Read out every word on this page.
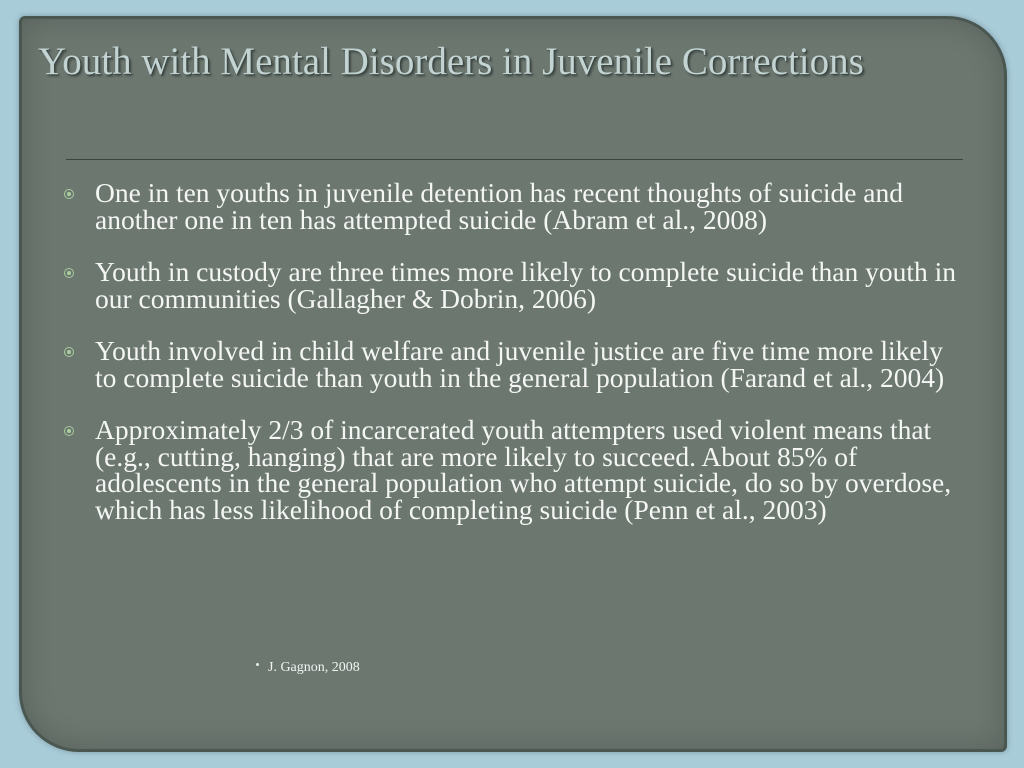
Youth with Mental Disorders in Juvenile Corrections
One in ten youths in juvenile detention has recent thoughts of suicide and another one in ten has attempted suicide (Abram et al., 2008)
Youth in custody are three times more likely to complete suicide than youth in our communities (Gallagher & Dobrin, 2006)
Youth involved in child welfare and juvenile justice are five time more likely to complete suicide than youth in the general population (Farand et al., 2004)
Approximately 2/3 of incarcerated youth attempters used violent means that (e.g., cutting, hanging) that are more likely to succeed. About 85% of adolescents in the general population who attempt suicide, do so by overdose, which has less likelihood of completing suicide (Penn et al., 2003)
J. Gagnon, 2008
